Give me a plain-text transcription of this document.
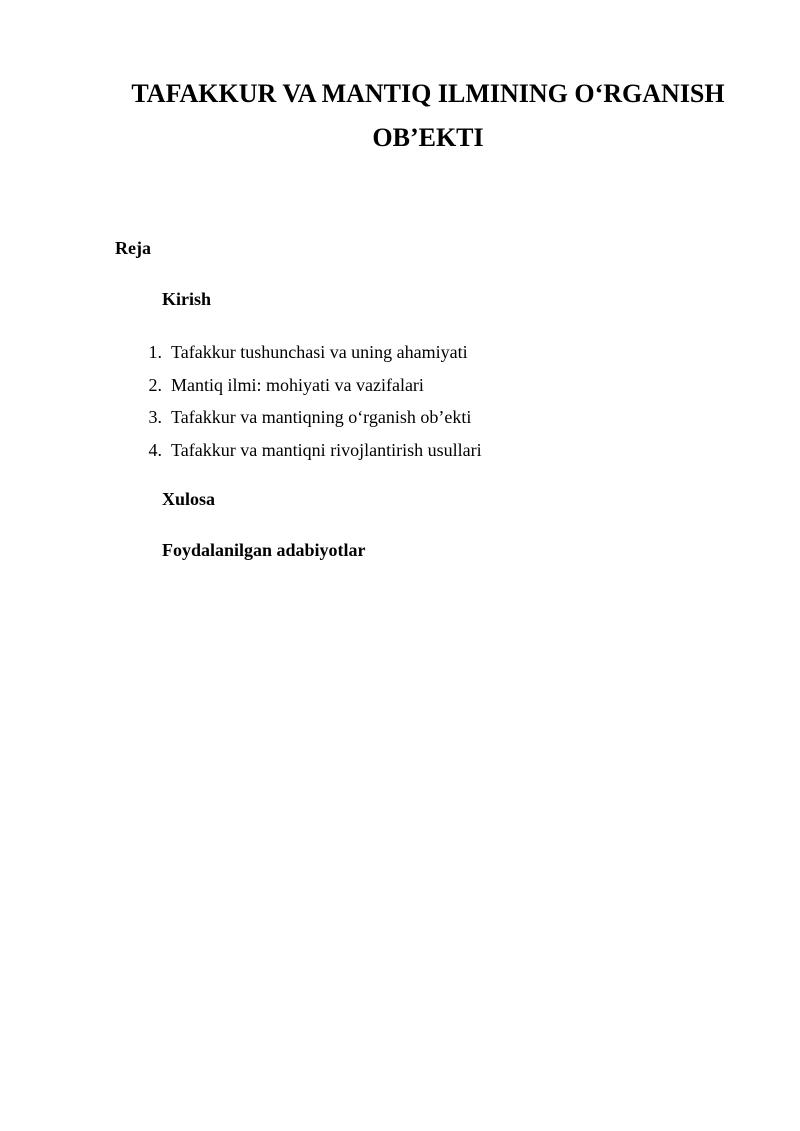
TAFAKKUR VA MANTIQ ILMINING O‘RGANISH
OB’EKTI
Reja
Kirish
1. Tafakkur tushunchasi va uning ahamiyati
2. Mantiq ilmi: mohiyati va vazifalari
3. Tafakkur va mantiqning o‘rganish ob’ekti
4. Tafakkur va mantiqni rivojlantirish usullari
Xulosa
Foydalanilgan adabiyotlar
